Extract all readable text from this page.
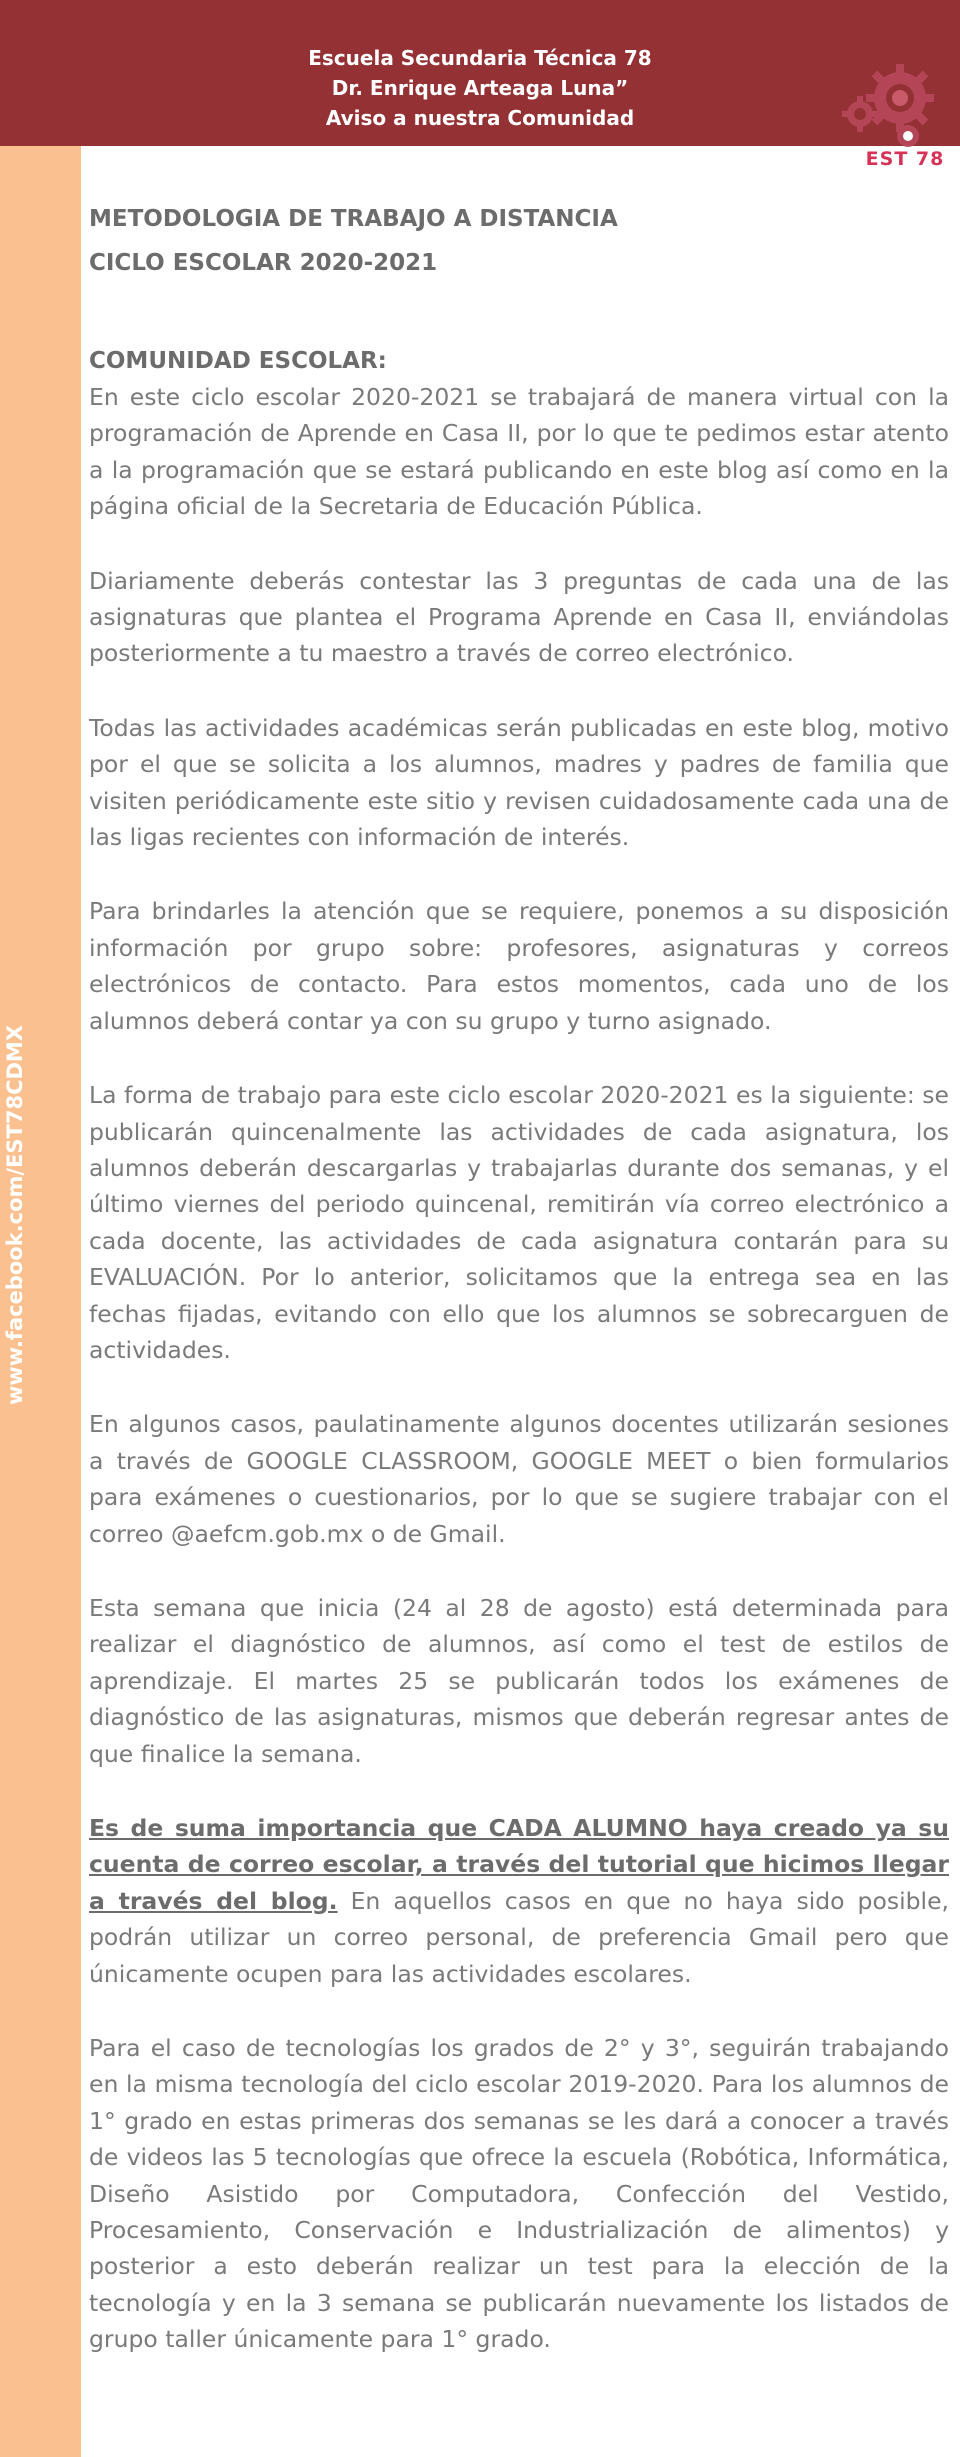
Escuela Secundaria Técnica 78
Dr. Enrique Arteaga Luna”
Aviso a nuestra Comunidad
EST 78
www.facebook.com/EST78CDMX

METODOLOGIA DE TRABAJO A DISTANCIA
CICLO ESCOLAR 2020-2021

COMUNIDAD ESCOLAR:

En este ciclo escolar 2020-2021 se trabajará de manera virtual con la programación de Aprende en Casa II, por lo que te pedimos estar atento a la programación que se estará publicando en este blog así como en la página oficial de la Secretaria de Educación Pública.

Diariamente deberás contestar las 3 preguntas de cada una de las asignaturas que plantea el Programa Aprende en Casa II, enviándolas posteriormente a tu maestro a través de correo electrónico.

Todas las actividades académicas serán publicadas en este blog, motivo por el que se solicita a los alumnos, madres y padres de familia que visiten periódicamente este sitio y revisen cuidadosamente cada una de las ligas recientes con información de interés.

Para brindarles la atención que se requiere, ponemos a su disposición información por grupo sobre: profesores, asignaturas y correos electrónicos de contacto. Para estos momentos, cada uno de los alumnos deberá contar ya con su grupo y turno asignado.

La forma de trabajo para este ciclo escolar 2020-2021 es la siguiente: se publicarán quincenalmente las actividades de cada asignatura, los alumnos deberán descargarlas y trabajarlas durante dos semanas, y el último viernes del periodo quincenal, remitirán vía correo electrónico a cada docente, las actividades de cada asignatura contarán para su EVALUACIÓN. Por lo anterior, solicitamos que la entrega sea en las fechas fijadas, evitando con ello que los alumnos se sobrecarguen de actividades.

En algunos casos, paulatinamente algunos docentes utilizarán sesiones a través de GOOGLE CLASSROOM, GOOGLE MEET o bien formularios para exámenes o cuestionarios, por lo que se sugiere trabajar con el correo @aefcm.gob.mx o de Gmail.

Esta semana que inicia (24 al 28 de agosto) está determinada para realizar el diagnóstico de alumnos, así como el test de estilos de aprendizaje. El martes 25 se publicarán todos los exámenes de diagnóstico de las asignaturas, mismos que deberán regresar antes de que finalice la semana.

Es de suma importancia que CADA ALUMNO haya creado ya su cuenta de correo escolar, a través del tutorial que hicimos llegar a través del blog. En aquellos casos en que no haya sido posible, podrán utilizar un correo personal, de preferencia Gmail pero que únicamente ocupen para las actividades escolares.

Para el caso de tecnologías los grados de 2° y 3°, seguirán trabajando en la misma tecnología del ciclo escolar 2019-2020. Para los alumnos de 1° grado en estas primeras dos semanas se les dará a conocer a través de videos las 5 tecnologías que ofrece la escuela (Robótica, Informática, Diseño Asistido por Computadora, Confección del Vestido, Procesamiento, Conservación e Industrialización de alimentos) y posterior a esto deberán realizar un test para la elección de la tecnología y en la 3 semana se publicarán nuevamente los listados de grupo taller únicamente para 1° grado.
